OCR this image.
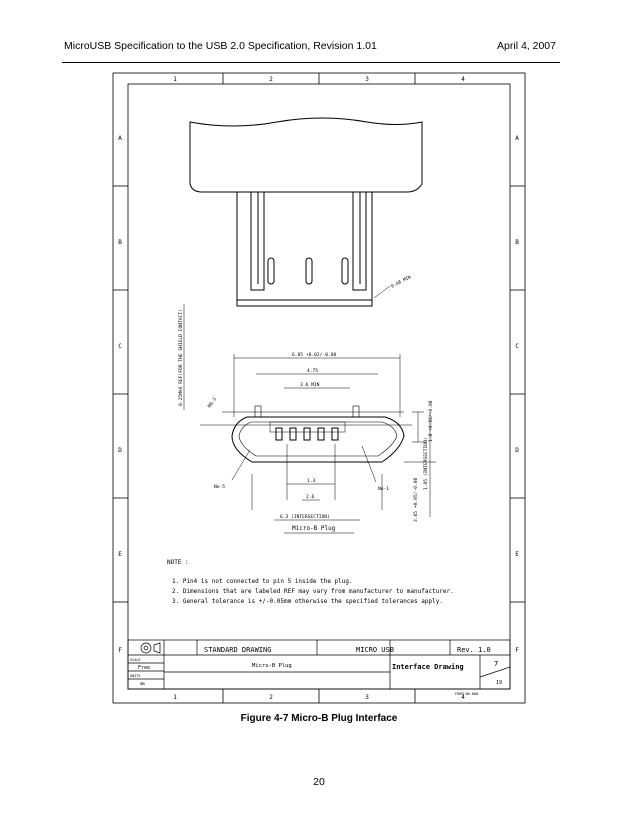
MicroUSB Specification to the USB 2.0 Specification, Revision 1.01	April 4, 2007
1	2	3	4
1	2	3	4
A
B
C
D
E
F
A
B
C
D
E
F
0.48 MIN
6.85 +0.02/-0.08
4.75
3.6 MIN
1.3
2.6
6.3 (INTERSECTION)
R0.3
No-5	No-1
1.8 +0.02/-0.08
1.05 (INTERSECTION)
3.65 +0.05/-0.08
0.25MAX REF(FOR THE SHIELD CONTACT)
Micro-B Plug
NOTE :
1. Pin4 is not connected to pin 5 inside the plug.
2. Dimensions that are labeled REF may vary from manufacturer to manufacturer.
3. General tolerance is +/-0.05mm otherwise the specified tolerances apply.
STANDARD DRAWING	MICRO USB	Rev. 1.0
SCALE
Free
UNITS
mm
Micro-B Plug	Interface Drawing	7
19
FORM NO.000
Figure 4-7 Micro-B Plug Interface
20
